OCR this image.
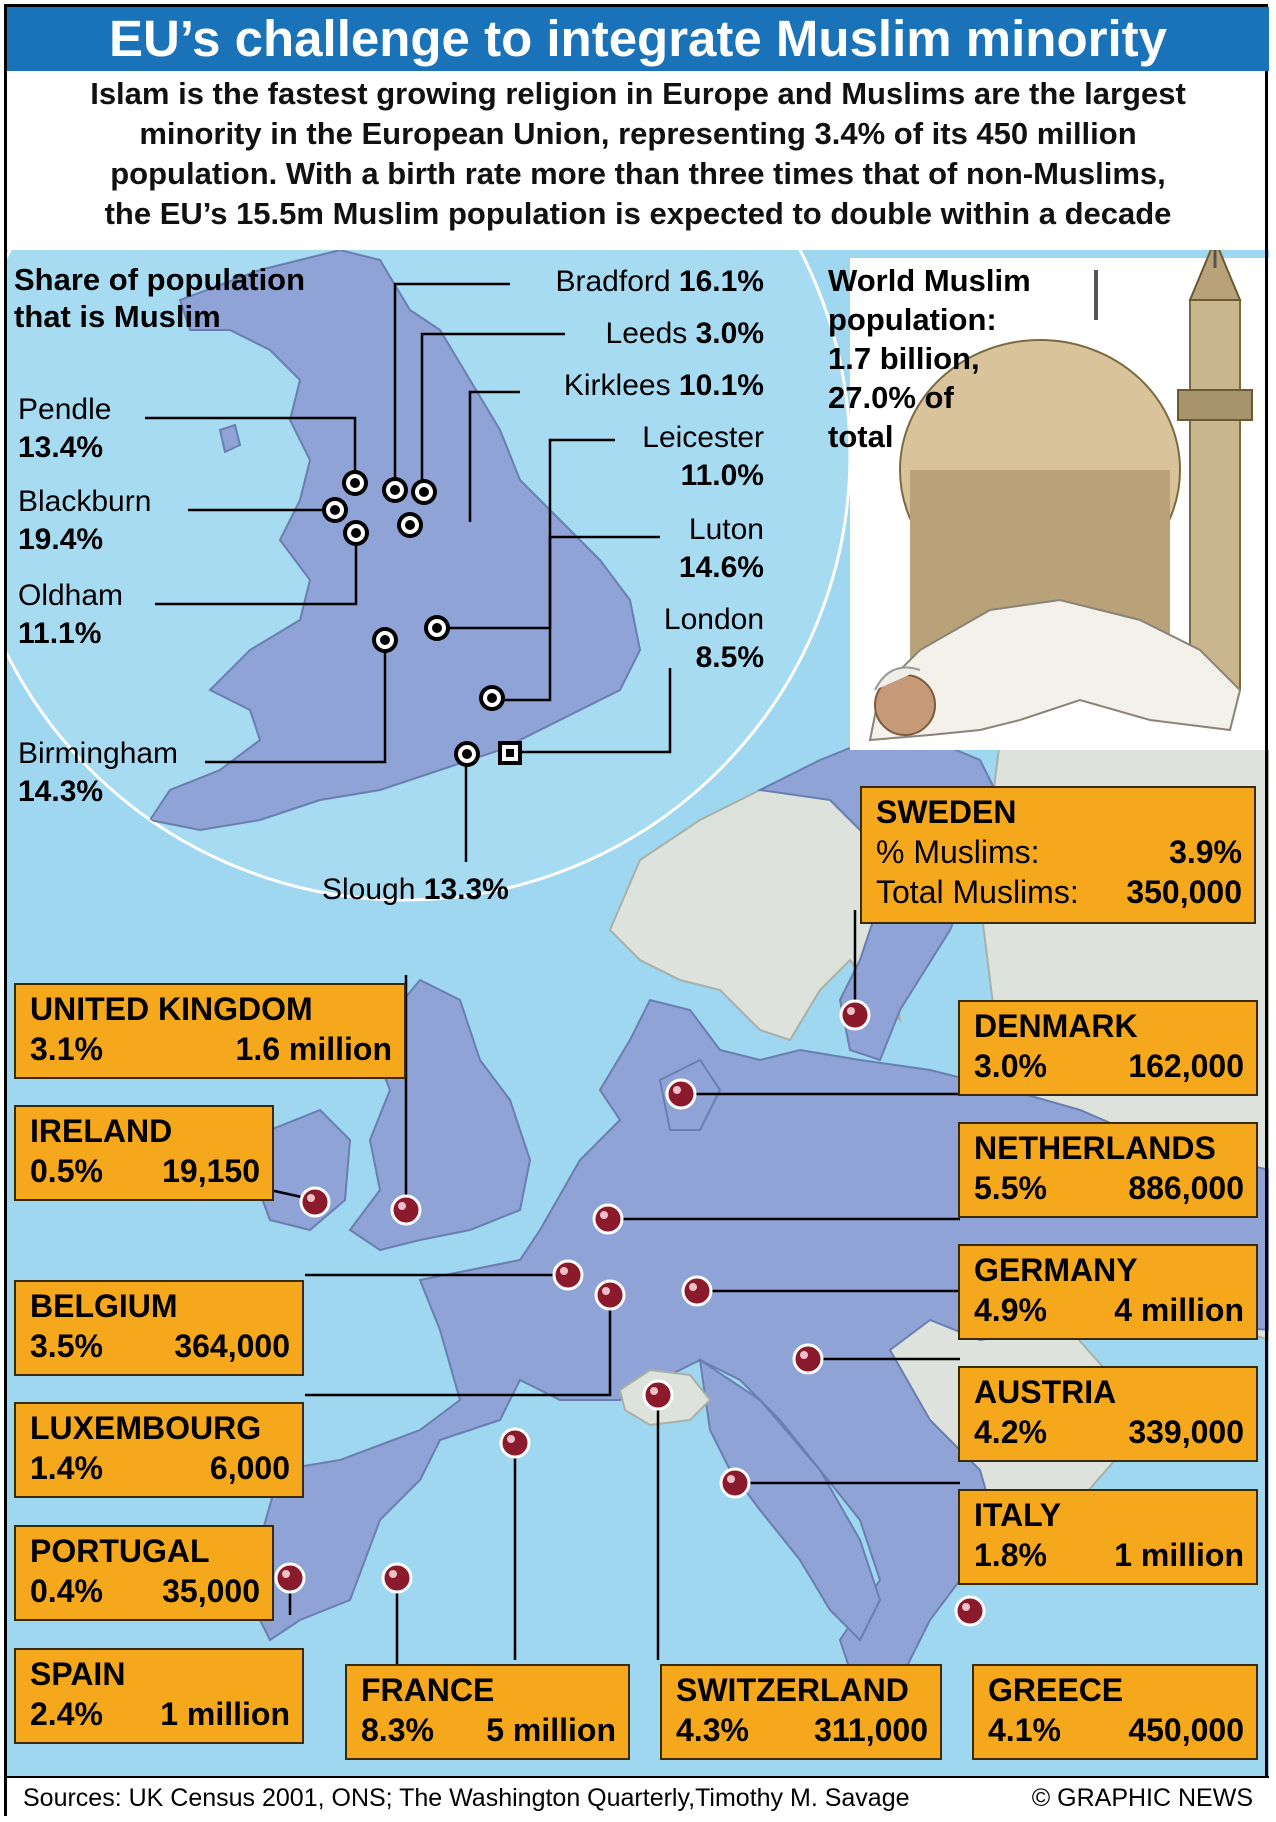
EU’s challenge to integrate Muslim minority
Islam is the fastest growing religion in Europe and Muslims are the largest
minority in the European Union, representing 3.4% of its 450 million
population. With a birth rate more than three times that of non-Muslims,
the EU’s 15.5m Muslim population is expected to double within a decade
Share of population
that is Muslim
Bradford 16.1%
Leeds 3.0%
Kirklees 10.1%
Leicester
11.0%
Luton
14.6%
London
8.5%
Pendle
13.4%
Blackburn
19.4%
Oldham
11.1%
Birmingham
14.3%
Slough 13.3%
World Muslim
population:
1.7 billion,
27.0% of
total
SWEDEN
% Muslims:	3.9%
Total Muslims: 350,000
UNITED KINGDOM
3.1%	1.6 million
DENMARK
3.0%	162,000
IRELAND
0.5% 19,150
NETHERLANDS
5.5%	886,000
BELGIUM
3.5% 364,000
GERMANY
4.9% 4 million
AUSTRIA
4.2%	339,000
LUXEMBOURG
1.4%	6,000
ITALY
1.8% 1 million
PORTUGAL
0.4% 35,000
SPAIN
2.4% 1 million
FRANCE
8.3% 5 million
SWITZERLAND
4.3% 311,000
GREECE
4.1% 450,000
Sources: UK Census 2001, ONS; The Washington Quarterly,Timothy M. Savage	© GRAPHIC NEWS
